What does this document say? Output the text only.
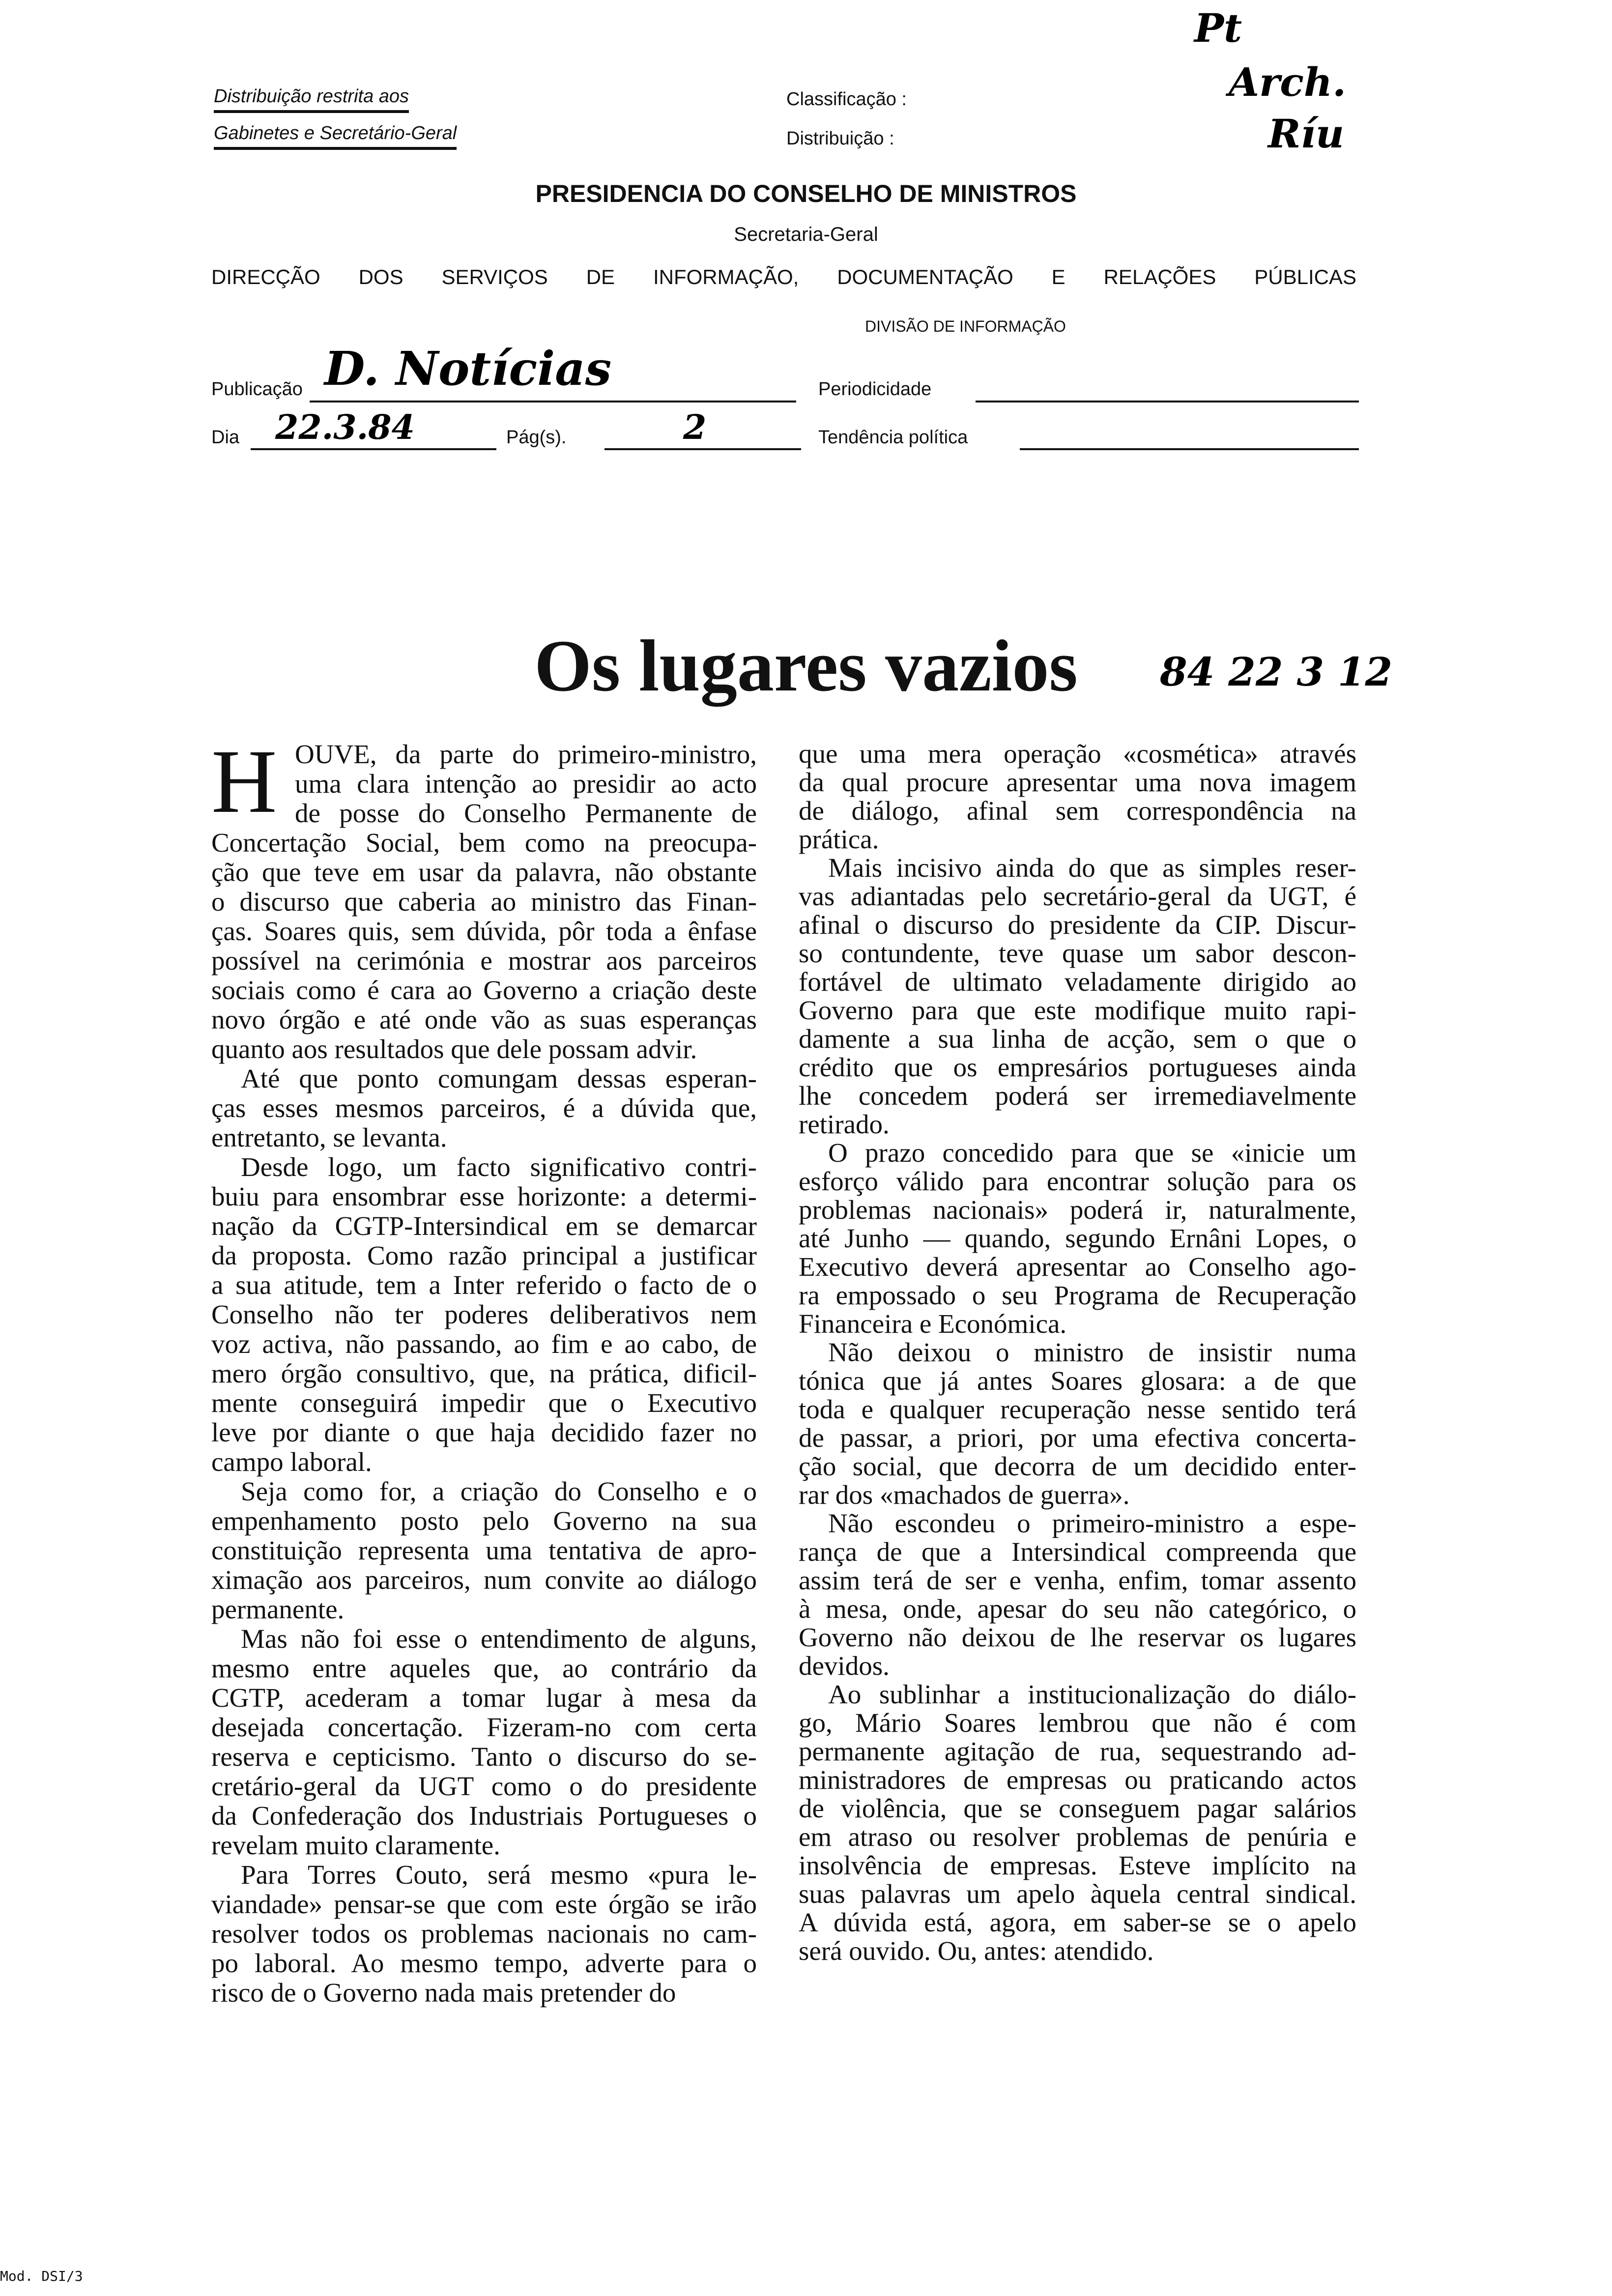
Distribuição restrita aos
Gabinetes e Secretário-Geral
Classificação :
Distribuição :
Pt
Arch.
Ríu
PRESIDENCIA DO CONSELHO DE MINISTROS
Secretaria-Geral
DIRECÇÃO DOS SERVIÇOS DE INFORMAÇÃO, DOCUMENTAÇÃO E RELAÇÕES PÚBLICAS
DIVISÃO DE INFORMAÇÃO
Publicação D. Notícias	Periodicidade
Dia 22.3.84	Pág(s).	2	Tendência política
Os lugares vazios	84 22 3 12
H OUVE, da parte do primeiro-ministro,
uma clara intenção ao presidir ao acto
de posse do Conselho Permanente de
Concertação Social, bem como na preocupa-
ção que teve em usar da palavra, não obstante
o discurso que caberia ao ministro das Finan-
ças. Soares quis, sem dúvida, pôr toda a ênfase
possível na cerimónia e mostrar aos parceiros
sociais como é cara ao Governo a criação deste
novo órgão e até onde vão as suas esperanças
quanto aos resultados que dele possam advir.
Até que ponto comungam dessas esperan-
ças esses mesmos parceiros, é a dúvida que,
entretanto, se levanta.
Desde logo, um facto significativo contri-
buiu para ensombrar esse horizonte: a determi-
nação da CGTP-Intersindical em se demarcar
da proposta. Como razão principal a justificar
a sua atitude, tem a Inter referido o facto de o
Conselho não ter poderes deliberativos nem
voz activa, não passando, ao fim e ao cabo, de
mero órgão consultivo, que, na prática, dificil-
mente conseguirá impedir que o Executivo
leve por diante o que haja decidido fazer no
campo laboral.
Seja como for, a criação do Conselho e o
empenhamento posto pelo Governo na sua
constituição representa uma tentativa de apro-
ximação aos parceiros, num convite ao diálogo
permanente.
Mas não foi esse o entendimento de alguns,
mesmo entre aqueles que, ao contrário da
CGTP, acederam a tomar lugar à mesa da
desejada concertação. Fizeram-no com certa
reserva e cepticismo. Tanto o discurso do se-
cretário-geral da UGT como o do presidente
da Confederação dos Industriais Portugueses o
revelam muito claramente.
Para Torres Couto, será mesmo «pura le-
viandade» pensar-se que com este órgão se irão
resolver todos os problemas nacionais no cam-
po laboral. Ao mesmo tempo, adverte para o
risco de o Governo nada mais pretender do
que uma mera operação «cosmética» através
da qual procure apresentar uma nova imagem
de diálogo, afinal sem correspondência na
prática.
Mais incisivo ainda do que as simples reser-
vas adiantadas pelo secretário-geral da UGT, é
afinal o discurso do presidente da CIP. Discur-
so contundente, teve quase um sabor descon-
fortável de ultimato veladamente dirigido ao
Governo para que este modifique muito rapi-
damente a sua linha de acção, sem o que o
crédito que os empresários portugueses ainda
lhe concedem poderá ser irremediavelmente
retirado.
O prazo concedido para que se «inicie um
esforço válido para encontrar solução para os
problemas nacionais» poderá ir, naturalmente,
até Junho — quando, segundo Ernâni Lopes, o
Executivo deverá apresentar ao Conselho ago-
ra empossado o seu Programa de Recuperação
Financeira e Económica.
Não deixou o ministro de insistir numa
tónica que já antes Soares glosara: a de que
toda e qualquer recuperação nesse sentido terá
de passar, a priori, por uma efectiva concerta-
ção social, que decorra de um decidido enter-
rar dos «machados de guerra».
Não escondeu o primeiro-ministro a espe-
rança de que a Intersindical compreenda que
assim terá de ser e venha, enfim, tomar assento
à mesa, onde, apesar do seu não categórico, o
Governo não deixou de lhe reservar os lugares
devidos.
Ao sublinhar a institucionalização do diálo-
go, Mário Soares lembrou que não é com
permanente agitação de rua, sequestrando ad-
ministradores de empresas ou praticando actos
de violência, que se conseguem pagar salários
em atraso ou resolver problemas de penúria e
insolvência de empresas. Esteve implícito na
suas palavras um apelo àquela central sindical.
A dúvida está, agora, em saber-se se o apelo
será ouvido. Ou, antes: atendido.
Mod. DSI/3
